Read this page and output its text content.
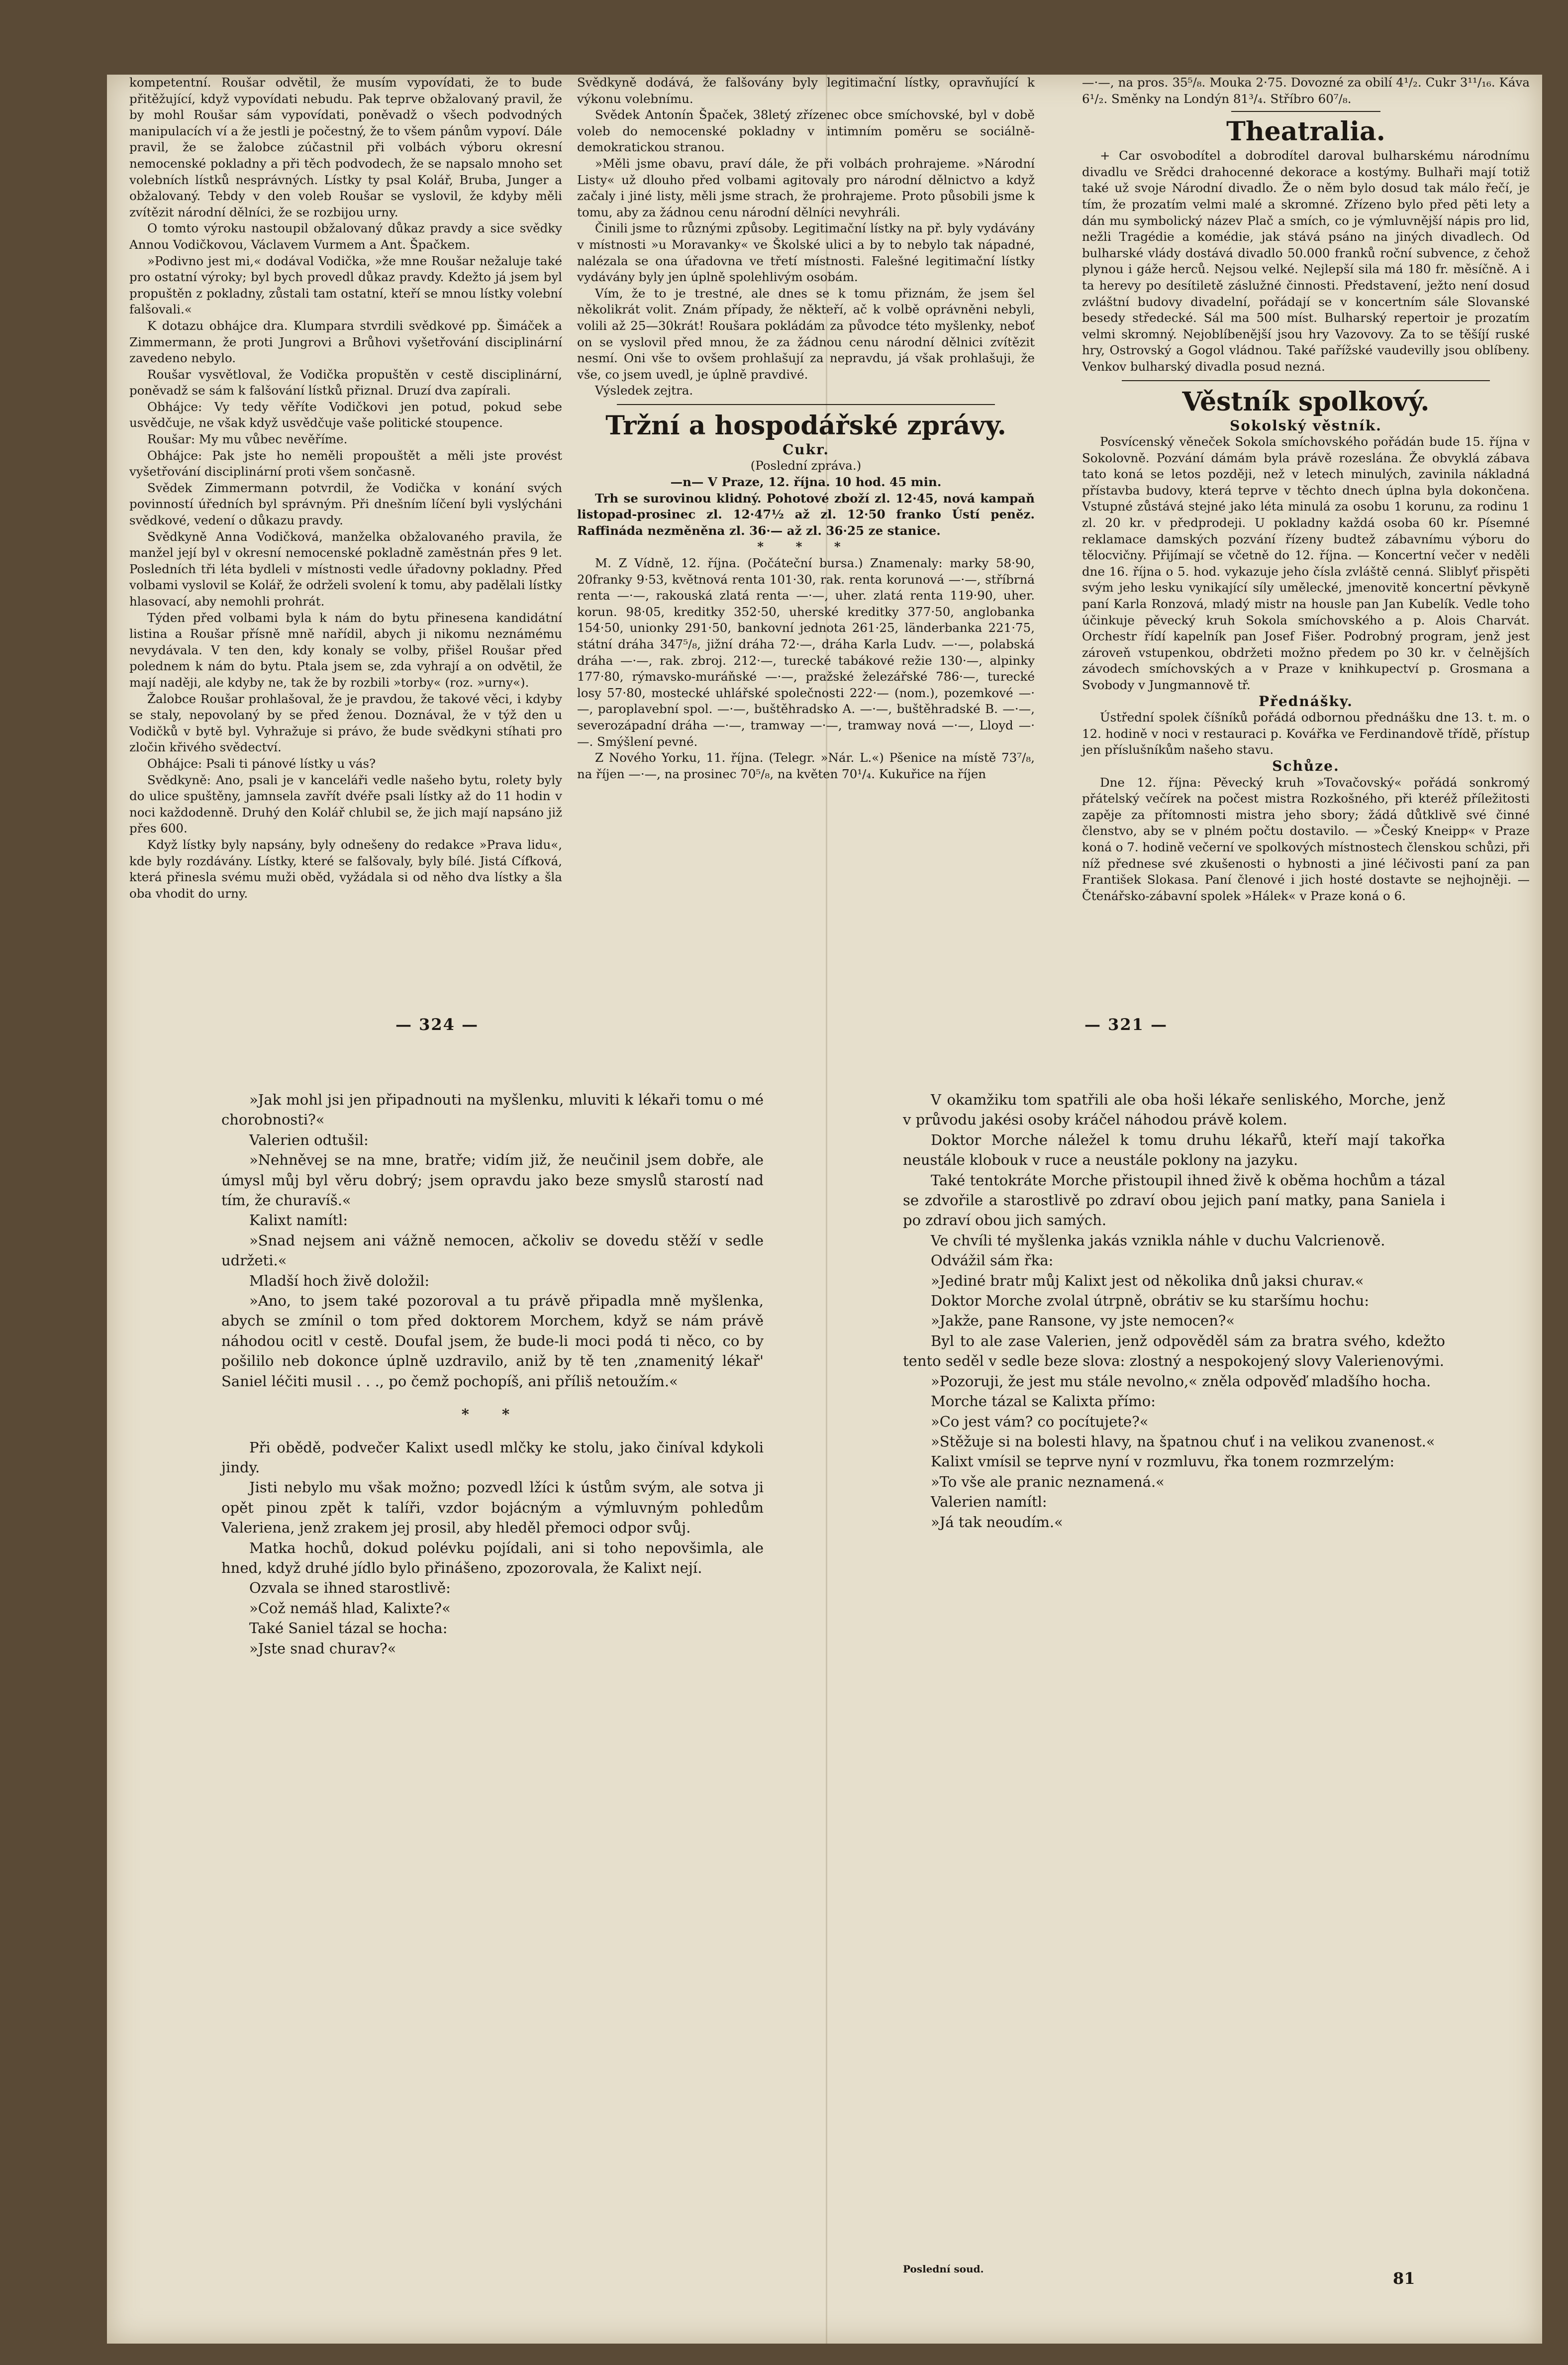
kompetentní. Roušar odvětil, že musím vypovídati, že to bude přitěžující, když vypovídati nebudu. Pak teprve obžalovaný pravil, že by mohl Roušar sám vypovídati, poněvadž o všech podvodných manipulacích ví a že jestli je počestný, že to všem pánům vypoví. Dále pravil, že se žalobce zúčastnil při volbách výboru okresní nemocenské pokladny a při těch podvodech, že se napsalo mnoho set volebních lístků nesprávných. Lístky ty psal Kolář, Bruba, Junger a obžalovaný. Tebdy v den voleb Roušar se vyslovil, že kdyby měli zvítězit národní dělníci, že se rozbijou urny.

O tomto výroku nastoupil obžalovaný důkaz pravdy a sice svědky Annou Vodičkovou, Václavem Vurmem a Ant. Špačkem.

»Podivno jest mi,« dodával Vodička, »že mne Roušar nežaluje také pro ostatní výroky; byl bych provedl důkaz pravdy. Kdežto já jsem byl propuštěn z pokladny, zůstali tam ostatní, kteří se mnou lístky volební falšovali.«

K dotazu obhájce dra. Klumpara stvrdili svědkové pp. Šimáček a Zimmermann, že proti Jungrovi a Brůhovi vyšetřování disciplinární zavedeno nebylo.

Roušar vysvětloval, že Vodička propuštěn v cestě disciplinární, poněvadž se sám k falšování lístků přiznal. Druzí dva zapírali.

Obhájce: Vy tedy věříte Vodičkovi jen potud, pokud sebe usvědčuje, ne však když usvědčuje vaše politické stoupence.

Roušar: My mu vůbec nevěříme.

Obhájce: Pak jste ho neměli propouštět a měli jste provést vyšetřování disciplinární proti všem sončasně.

Svědek Zimmermann potvrdil, že Vodička v konání svých povinností úředních byl správným. Při dnešním líčení byli vyslýcháni svědkové, vedení o důkazu pravdy.

Svědkyně Anna Vodičková, manželka obžalovaného pravila, že manžel její byl v okresní nemocenské pokladně zaměstnán přes 9 let. Posledních tři léta bydleli v místnosti vedle úřadovny pokladny. Před volbami vyslovil se Kolář, že održeli svolení k tomu, aby padělali lístky hlasovací, aby nemohli prohrát.

Týden před volbami byla k nám do bytu přinesena kandidátní listina a Roušar přísně mně nařídil, abych ji nikomu neznámému nevydávala. V ten den, kdy konaly se volby, přišel Roušar před polednem k nám do bytu. Ptala jsem se, zda vyhrají a on odvětil, že mají naději, ale kdyby ne, tak že by rozbili »torby« (roz. »urny«).

Žalobce Roušar prohlašoval, že je pravdou, že takové věci, i kdyby se staly, nepovolaný by se před ženou. Doznával, že v týž den u Vodičků v bytě byl. Vyhražuje si právo, že bude svědkyni stíhati pro zločin křivého svědectví.

Obhájce: Psali ti pánové lístky u vás?

Svědkyně: Ano, psali je v kanceláři vedle našeho bytu, rolety byly do ulice spuštěny, jamnsela zavřít dvéře psali lístky až do 11 hodin v noci každodenně. Druhý den Kolář chlubil se, že jich mají napsáno již přes 600.

Když lístky byly napsány, byly odnešeny do redakce »Prava lidu«, kde byly rozdávány. Lístky, které se falšovaly, byly bílé. Jistá Cífková, která přinesla svému muži oběd, vyžádala si od něho dva lístky a šla oba vhodit do urny.

Svědkyně dodává, že falšovány byly legitimační lístky, opravňující k výkonu volebnímu.

Svědek Antonín Špaček, 38letý zřízenec obce smíchovské, byl v době voleb do nemocenské pokladny v intimním poměru se sociálně-demokratickou stranou.

»Měli jsme obavu, praví dále, že při volbách prohrajeme. »Národní Listy« už dlouho před volbami agitovaly pro národní dělnictvo a když začaly i jiné listy, měli jsme strach, že prohrajeme. Proto působili jsme k tomu, aby za žádnou cenu národní dělníci nevyhráli.

Činili jsme to různými způsoby. Legitimační lístky na př. byly vydávány v místnosti »u Moravanky« ve Školské ulici a by to nebylo tak nápadné, nalézala se ona úřadovna ve třetí místnosti. Falešné legitimační lístky vydávány byly jen úplně spolehlivým osobám.

Vím, že to je trestné, ale dnes se k tomu přiznám, že jsem šel několikrát volit. Znám případy, že někteří, ač k volbě oprávněni nebyli, volili až 25—30krát! Roušara pokládám za původce této myšlenky, neboť on se vyslovil před mnou, že za žádnou cenu národní dělnici zvítězit nesmí. Oni vše to ovšem prohlašují za nepravdu, já však prohlašuji, že vše, co jsem uvedl, je úplně pravdivé.

Výsledek zejtra.

Tržní a hospodářské zprávy.

Cukr.

(Poslední zpráva.)

—n— V Praze, 12. října. 10 hod. 45 min.

Trh se surovinou klidný. Pohotové zboží zl. 12·45, nová kampaň listopad-prosinec zl. 12·47½ až zl. 12·50 franko Ústí peněz. Raffináda nezměněna zl. 36·— až zl. 36·25 ze stanice.

* * *

M. Z Vídně, 12. října. (Počáteční bursa.) Znamenaly: marky 58·90, 20franky 9·53, květnová renta 101·30, rak. renta korunová —·—, stříbrná renta —·—, rakouská zlatá renta —·—, uher. zlatá renta 119·90, uher. korun. 98·05, kreditky 352·50, uherské kreditky 377·50, anglobanka 154·50, unionky 291·50, bankovní jednota 261·25, länderbanka 221·75, státní dráha 347⁵/₈, jižní dráha 72·—, dráha Karla Ludv. —·—, polabská dráha —·—, rak. zbroj. 212·—, turecké tabákové režie 130·—, alpinky 177·80, rýmavsko-muráňské —·—, pražské železářské 786·—, turecké losy 57·80, mostecké uhlářské společnosti 222·— (nom.), pozemkové —·—, paroplavební spol. —·—, buštěhradsko A. —·—, buštěhradské B. —·—, severozápadní dráha —·—, tramway —·—, tramway nová —·—, Lloyd —·—. Smýšlení pevné.

Z Nového Yorku, 11. října. (Telegr. »Nár. L.«) Pšenice na místě 73⁷/₈, na říjen —·—, na prosinec 70⁵/₈, na květen 70¹/₄. Kukuřice na říjen

—·—, na pros. 35⁵/₈. Mouka 2·75. Dovozné za obilí 4¹/₂. Cukr 3¹¹/₁₆. Káva 6¹/₂. Směnky na Londýn 81³/₄. Stříbro 60⁷/₈.

Theatralia.

+ Car osvobodítel a dobrodítel daroval bulharskému národnímu divadlu ve Srědci drahocenné dekorace a kostýmy. Bulhaři mají totiž také už svoje Národní divadlo. Že o něm bylo dosud tak málo řečí, je tím, že prozatím velmi malé a skromné. Zřízeno bylo před pěti lety a dán mu symbolický název Plač a smích, co je výmluvnější nápis pro lid, nežli Tragédie a komédie, jak stává psáno na jiných divadlech. Od bulharské vlády dostává divadlo 50.000 franků roční subvence, z čehož plynou i gáže herců. Nejsou velké. Nejlepší sila má 180 fr. měsíčně. A i ta herevy po desítiletě záslužné činnosti. Představení, ježto není dosud zvláštní budovy divadelní, pořádají se v koncertním sále Slovanské besedy středecké. Sál ma 500 míst. Bulharský repertoir je prozatím velmi skromný. Nejoblíbenější jsou hry Vazovovy. Za to se těšíjí ruské hry, Ostrovský a Gogol vládnou. Také pařížské vaudevilly jsou oblíbeny. Venkov bulharský divadla posud nezná.

Věstník spolkový.

Sokolský věstník.

Posvícenský věneček Sokola smíchovského pořádán bude 15. října v Sokolovně. Pozvání dámám byla právě rozeslána. Že obvyklá zábava tato koná se letos později, než v letech minulých, zavinila nákladná přístavba budovy, která teprve v těchto dnech úplna byla dokončena. Vstupné zůstává stejné jako léta minulá za osobu 1 korunu, za rodinu 1 zl. 20 kr. v předprodeji. U pokladny každá osoba 60 kr. Písemné reklamace damských pozvání řízeny budtež zábavnímu výboru do tělocvičny. Přijímají se včetně do 12. října. — Koncertní večer v neděli dne 16. října o 5. hod. vykazuje jeho čísla zvláště cenná. Sliblyť přispěti svým jeho lesku vynikající síly umělecké, jmenovitě koncertní pěvkyně paní Karla Ronzová, mladý mistr na housle pan Jan Kubelík. Vedle toho účinkuje pěvecký kruh Sokola smíchovského a p. Alois Charvát. Orchestr řídí kapelník pan Josef Fišer. Podrobný program, jenž jest zároveň vstupenkou, obdržeti možno předem po 30 kr. v čelnějších závodech smíchovských a v Praze v knihkupectví p. Grosmana a Svobody v Jungmannově tř.

Přednášky.

Ústřední spolek číšníků pořádá odbornou přednášku dne 13. t. m. o 12. hodině v noci v restauraci p. Kovářka ve Ferdinandově třídě, přístup jen příslušníkům našeho stavu.

Schůze.

Dne 12. října: Pěvecký kruh »Tovačovský« pořádá sonkromý přátelský večírek na počest mistra Rozkošného, při kteréž příležitosti zapěje za přítomnosti mistra jeho sbory; žádá důtklivě své činné členstvo, aby se v plném počtu dostavilo. — »Český Kneipp« v Praze koná o 7. hodině večerní ve spolkových místnostech členskou schůzi, při níž přednese své zkušenosti o hybnosti a jiné léčivosti paní za pan František Slokasa. Paní členové i jich hosté dostavte se nejhojněji. — Čtenářsko-zábavní spolek »Hálek« v Praze koná o 6.

— 324 —	— 321 —

»Jak mohl jsi jen připadnouti na myšlenku, mluviti k lékaři tomu o mé chorobnosti?«

Valerien odtušil:

»Nehněvej se na mne, bratře; vidím již, že neučinil jsem dobře, ale úmysl můj byl věru dobrý; jsem opravdu jako beze smyslů starostí nad tím, že churavíš.«

Kalixt namítl:

»Snad nejsem ani vážně nemocen, ačkoliv se dovedu stěží v sedle udržeti.«

Mladší hoch živě doložil:

»Ano, to jsem také pozoroval a tu právě připadla mně myšlenka, abych se zmínil o tom před doktorem Morchem, když se nám právě náhodou ocitl v cestě. Doufal jsem, že bude-li moci podá ti něco, co by pošililo neb dokonce úplně uzdravilo, aniž by tě ten ,znamenitý lékař' Saniel léčiti musil . . ., po čemž pochopíš, ani příliš netoužím.«

* *

Při obědě, podvečer Kalixt usedl mlčky ke stolu, jako činíval kdykoli jindy.

Jisti nebylo mu však možno; pozvedl lžíci k ústům svým, ale sotva ji opět pinou zpět k talíři, vzdor bojácným a výmluvným pohledům Valeriena, jenž zrakem jej prosil, aby hleděl přemoci odpor svůj.

Matka hochů, dokud polévku pojídali, ani si toho nepovšimla, ale hned, když druhé jídlo bylo přinášeno, zpozorovala, že Kalixt nejí.

Ozvala se ihned starostlivě:

»Což nemáš hlad, Kalixte?«

Také Saniel tázal se hocha:

»Jste snad churav?«

V okamžiku tom spatřili ale oba hoši lékaře senliského, Morche, jenž v průvodu jakési osoby kráčel náhodou právě kolem.

Doktor Morche náležel k tomu druhu lékařů, kteří mají takořka neustále klobouk v ruce a neustále poklony na jazyku.

Také tentokráte Morche přistoupil ihned živě k oběma hochům a tázal se zdvořile a starostlivě po zdraví obou jejich paní matky, pana Saniela i po zdraví obou jich samých.

Ve chvíli té myšlenka jakás vznikla náhle v duchu Valcrienově.

Odvážil sám řka:

»Jediné bratr můj Kalixt jest od několika dnů jaksi churav.«

Doktor Morche zvolal útrpně, obrátiv se ku staršímu hochu:

»Jakže, pane Ransone, vy jste nemocen?«

Byl to ale zase Valerien, jenž odpověděl sám za bratra svého, kdežto tento seděl v sedle beze slova: zlostný a nespokojený slovy Valerienovými.

»Pozoruji, že jest mu stále nevolno,« zněla odpověď mladšího hocha.

Morche tázal se Kalixta přímo:

»Co jest vám? co pocítujete?«

»Stěžuje si na bolesti hlavy, na špatnou chuť i na velikou zvanenost.«

Kalixt vmísil se teprve nyní v rozmluvu, řka tonem rozmrzelým:

»To vše ale pranic neznamená.«

Valerien namítl:

»Já tak neoudím.«

Poslední soud.	81
